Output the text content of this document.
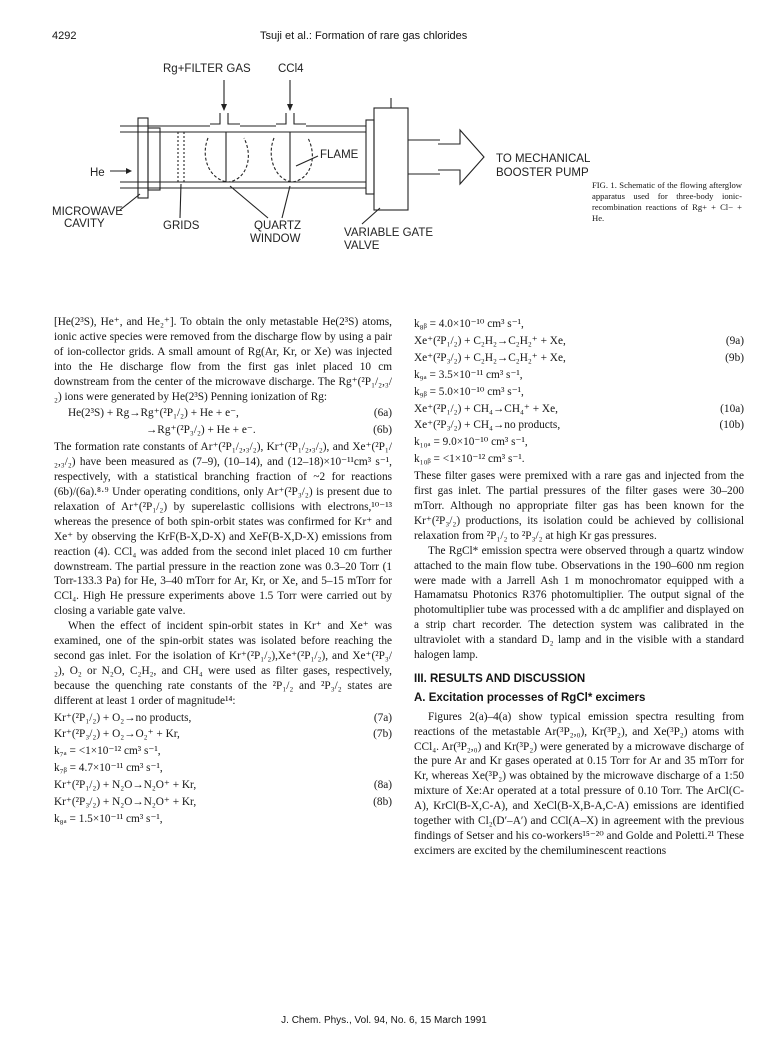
4292	Tsuji et al.: Formation of rare gas chlorides
Rg+FILTER GAS CCl4
He
FLAME	TO MECHANICAL
BOOSTER PUMP
MICROWAVE
CAVITY	GRIDS	QUARTZ
WINDOW	VARIABLE GATE
VALVE
FIG. 1. Schematic of the flowing afterglow apparatus used for three-body ionic-recombination reactions of Rg+ + Cl− + He.

[He(2³S), He⁺, and He₂⁺]. To obtain the only metastable He(2³S) atoms, ionic active species were removed from the discharge flow by using a pair of ion-collector grids. A small amount of Rg(Ar, Kr, or Xe) was injected into the He discharge flow from the first gas inlet placed 10 cm downstream from the center of the microwave discharge. The Rg⁺(²P₁/₂,₃/₂) ions were generated by He(2³S) Penning ionization of Rg:

He(2³S) + Rg→Rg⁺(²P₁/₂) + He + e⁻,	(6a)
→Rg⁺(²P₃/₂) + He + e⁻.	(6b)

The formation rate constants of Ar⁺(²P₁/₂,₃/₂), Kr⁺(²P₁/₂,₃/₂), and Xe⁺(²P₁/₂,₃/₂) have been measured as (7–9), (10–14), and (12–18)×10⁻¹¹cm³ s⁻¹, respectively, with a statistical branching fraction of ~2 for reactions (6b)/(6a).⁸·⁹ Under operating conditions, only Ar⁺(²P₃/₂) is present due to relaxation of Ar⁺(²P₁/₂) by superelastic collisions with electrons,¹⁰⁻¹³ whereas the presence of both spin-orbit states was confirmed for Kr⁺ and Xe⁺ by observing the KrF(B-X,D-X) and XeF(B-X,D-X) emissions from reaction (4). CCl₄ was added from the second inlet placed 10 cm further downstream. The partial pressure in the reaction zone was 0.3–20 Torr (1 Torr-133.3 Pa) for He, 3–40 mTorr for Ar, Kr, or Xe, and 5–15 mTorr for CCl₄. High He pressure experiments above 1.5 Torr were carried out by closing a variable gate valve.

When the effect of incident spin-orbit states in Kr⁺ and Xe⁺ was examined, one of the spin-orbit states was isolated before reaching the second gas inlet. For the isolation of Kr⁺(²P₁/₂),Xe⁺(²P₁/₂), and Xe⁺(²P₃/₂), O₂ or N₂O, C₂H₂, and CH₄ were used as filter gases, respectively, because the quenching rate constants of the ²P₁/₂ and ²P₃/₂ states are different at least 1 order of magnitude¹⁴:

Kr⁺(²P₁/₂) + O₂→no products,	(7a)
Kr⁺(²P₃/₂) + O₂→O₂⁺ + Kr,	(7b)
k₇ₐ = <1×10⁻¹² cm³ s⁻¹,
k₇ᵦ = 4.7×10⁻¹¹ cm³ s⁻¹,
Kr⁺(²P₁/₂) + N₂O→N₂O⁺ + Kr,	(8a)
Kr⁺(²P₃/₂) + N₂O→N₂O⁺ + Kr,	(8b)
k₈ₐ = 1.5×10⁻¹¹ cm³ s⁻¹,
k₈ᵦ = 4.0×10⁻¹⁰ cm³ s⁻¹,
Xe⁺(²P₁/₂) + C₂H₂→C₂H₂⁺ + Xe,	(9a)
Xe⁺(²P₃/₂) + C₂H₂→C₂H₂⁺ + Xe,	(9b)
k₉ₐ = 3.5×10⁻¹¹ cm³ s⁻¹,
k₉ᵦ = 5.0×10⁻¹⁰ cm³ s⁻¹,
Xe⁺(²P₁/₂) + CH₄→CH₄⁺ + Xe,	(10a)
Xe⁺(²P₃/₂) + CH₄→no products,	(10b)
k₁₀ₐ = 9.0×10⁻¹⁰ cm³ s⁻¹,
k₁₀ᵦ = <1×10⁻¹² cm³ s⁻¹.

These filter gases were premixed with a rare gas and injected from the first gas inlet. The partial pressures of the filter gases were 30–200 mTorr. Although no appropriate filter gas has been known for the Kr⁺(²P₃/₂) productions, its isolation could be achieved by collisional relaxation from ²P₁/₂ to ²P₃/₂ at high Kr gas pressures.

The RgCl* emission spectra were observed through a quartz window attached to the main flow tube. Observations in the 190–600 nm region were made with a Jarrell Ash 1 m monochromator equipped with a Hamamatsu Photonics R376 photomultiplier. The output signal of the photomultiplier tube was processed with a dc amplifier and displayed on a strip chart recorder. The detection system was calibrated in the ultraviolet with a standard D₂ lamp and in the visible with a standard halogen lamp.

III. RESULTS AND DISCUSSION
A. Excitation processes of RgCl* excimers

Figures 2(a)–4(a) show typical emission spectra resulting from reactions of the metastable Ar(³P₂,₀), Kr(³P₂), and Xe(³P₂) atoms with CCl₄. Ar(³P₂,₀) and Kr(³P₂) were generated by a microwave discharge of the pure Ar and Kr gases operated at 0.15 Torr for Ar and 35 mTorr for Kr, whereas Xe(³P₂) was obtained by the microwave discharge of a 1:50 mixture of Xe:Ar operated at a total pressure of 0.10 Torr. The ArCl(C-A), KrCl(B-X,C-A), and XeCl(B-X,B-A,C-A) emissions are identified together with Cl₂(D′–A′) and CCl(A–X) in agreement with the previous findings of Setser and his co-workers¹⁵⁻²⁰ and Golde and Poletti.²¹ These excimers are excited by the chemiluminescent reactions

J. Chem. Phys., Vol. 94, No. 6, 15 March 1991
